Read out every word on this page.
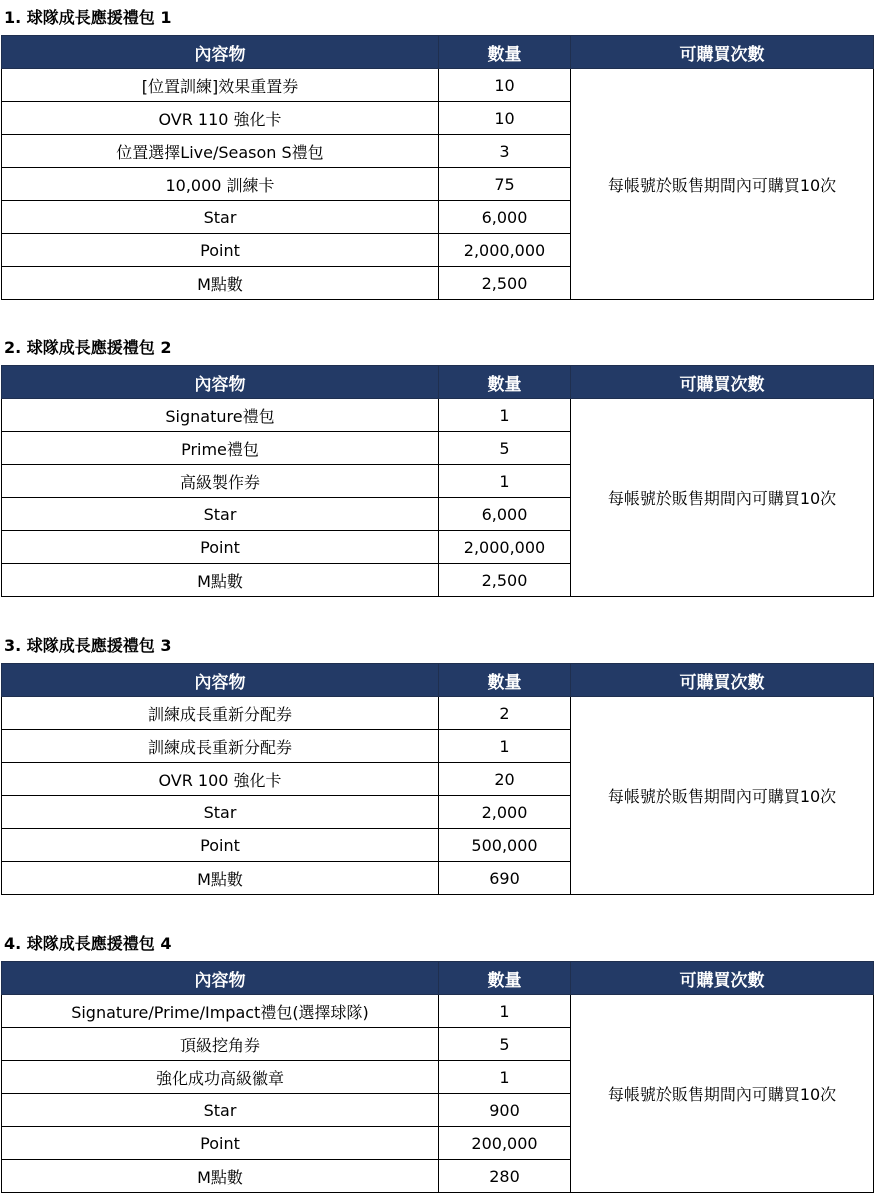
1. 球隊成長應援禮包 1
內容物	數量	可購買次數
[位置訓練]效果重置券	10	每帳號於販售期間內可購買10次
OVR 110 強化卡	10	
位置選擇Live/Season S禮包	3	
10,000 訓練卡	75	
Star	6,000	
Point	2,000,000	
M點數	2,500	
2. 球隊成長應援禮包 2
內容物	數量	可購買次數
Signature禮包	1	每帳號於販售期間內可購買10次
Prime禮包	5	
高級製作券	1	
Star	6,000	
Point	2,000,000	
M點數	2,500	
3. 球隊成長應援禮包 3
內容物	數量	可購買次數
訓練成長重新分配券	2	每帳號於販售期間內可購買10次
訓練成長重新分配券	1	
OVR 100 強化卡	20	
Star	2,000	
Point	500,000	
M點數	690	
4. 球隊成長應援禮包 4
內容物	數量	可購買次數
Signature/Prime/Impact禮包(選擇球隊)	1	每帳號於販售期間內可購買10次
頂級挖角券	5	
強化成功高級徽章	1	
Star	900	
Point	200,000	
M點數	280	
